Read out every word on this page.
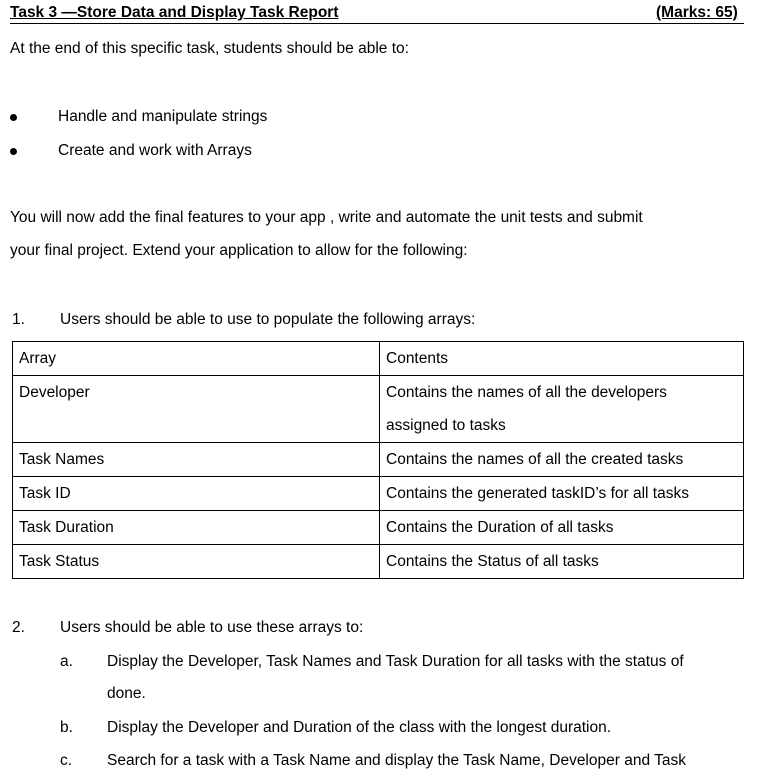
Task 3 —Store Data and Display Task Report	(Marks: 65)
At the end of this specific task, students should be able to:
Handle and manipulate strings
Create and work with Arrays
You will now add the final features to your app , write and automate the unit tests and submit
your final project. Extend your application to allow for the following:
1. Users should be able to use to populate the following arrays:
Array	Contents
Developer	Contains the names of all the developers
assigned to tasks

Task Names	Contains the names of all the created tasks
Task ID	Contains the generated taskID’s for all tasks
Task Duration	Contains the Duration of all tasks
Task Status	Contains the Status of all tasks
2. Users should be able to use these arrays to:
a. Display the Developer, Task Names and Task Duration for all tasks with the status of
done.
b. Display the Developer and Duration of the class with the longest duration.
c. Search for a task with a Task Name and display the Task Name, Developer and Task
